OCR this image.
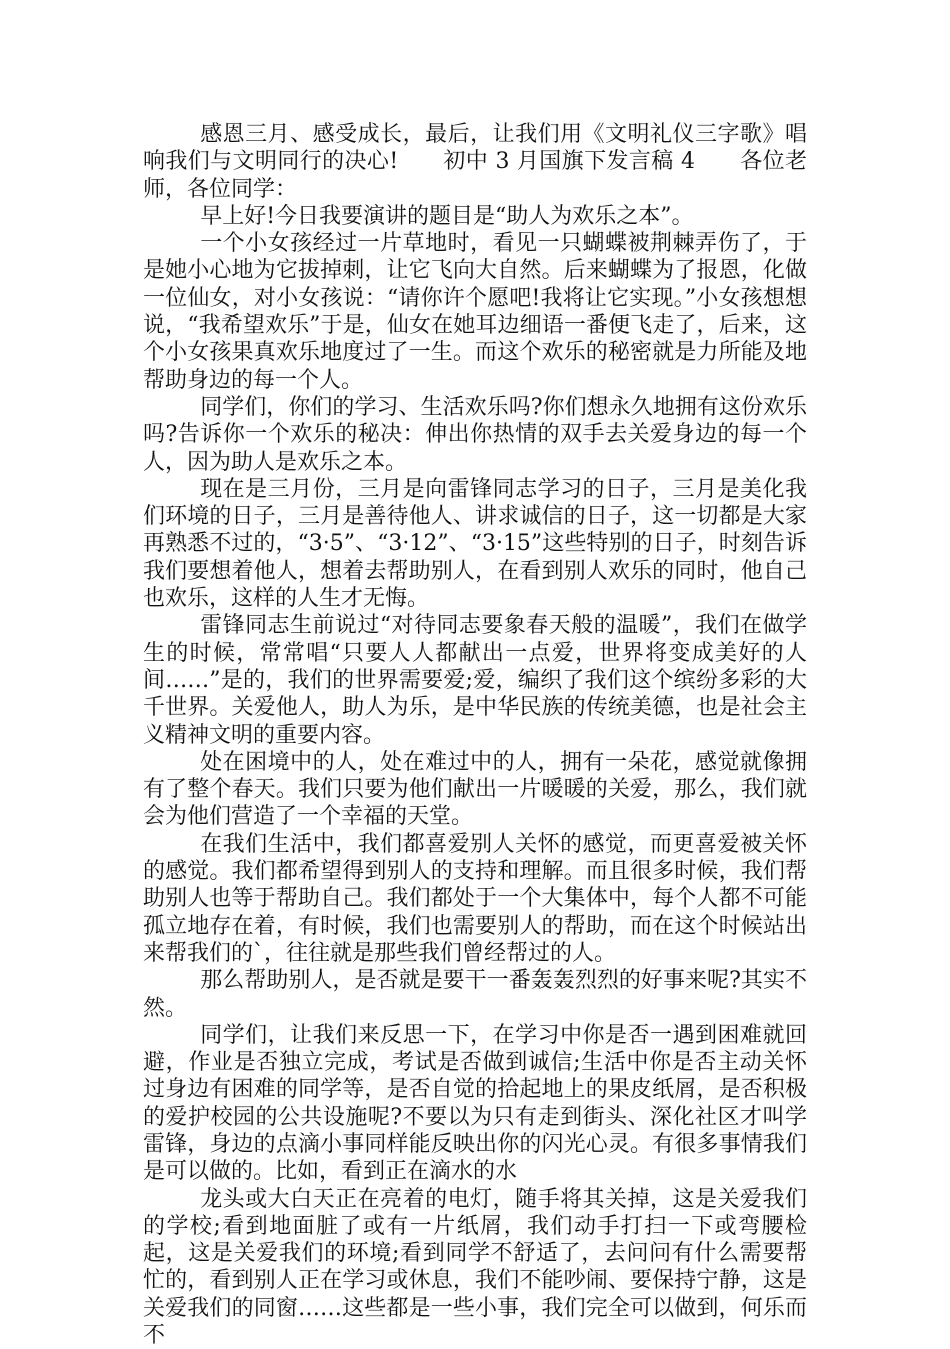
感恩三月、感受成长，最后，让我们用《文明礼仪三字歌》唱响我们与文明同行的决心!　　初中 3 月国旗下发言稿 4　　各位老师，各位同学：

早上好!今日我要演讲的题目是“助人为欢乐之本”。

一个小女孩经过一片草地时，看见一只蝴蝶被荆棘弄伤了，于是她小心地为它拔掉刺，让它飞向大自然。后来蝴蝶为了报恩，化做一位仙女，对小女孩说：“请你许个愿吧!我将让它实现。”小女孩想想说，“我希望欢乐”于是，仙女在她耳边细语一番便飞走了，后来，这个小女孩果真欢乐地度过了一生。而这个欢乐的秘密就是力所能及地帮助身边的每一个人。

同学们，你们的学习、生活欢乐吗?你们想永久地拥有这份欢乐吗?告诉你一个欢乐的秘决：伸出你热情的双手去关爱身边的每一个人，因为助人是欢乐之本。

现在是三月份，三月是向雷锋同志学习的日子，三月是美化我们环境的日子，三月是善待他人、讲求诚信的日子，这一切都是大家再熟悉不过的，“3·5”、“3·12”、“3·15”这些特别的日子，时刻告诉我们要想着他人，想着去帮助别人，在看到别人欢乐的同时，他自己也欢乐，这样的人生才无悔。

雷锋同志生前说过“对待同志要象春天般的温暖”，我们在做学生的时候，常常唱“只要人人都献出一点爱，世界将变成美好的人间……”是的，我们的世界需要爱;爱，编织了我们这个缤纷多彩的大千世界。关爱他人，助人为乐，是中华民族的传统美德，也是社会主义精神文明的重要内容。

处在困境中的人，处在难过中的人，拥有一朵花，感觉就像拥有了整个春天。我们只要为他们献出一片暖暖的关爱，那么，我们就会为他们营造了一个幸福的天堂。

在我们生活中，我们都喜爱别人关怀的感觉，而更喜爱被关怀的感觉。我们都希望得到别人的支持和理解。而且很多时候，我们帮助别人也等于帮助自己。我们都处于一个大集体中，每个人都不可能孤立地存在着，有时候，我们也需要别人的帮助，而在这个时候站出来帮我们的`，往往就是那些我们曾经帮过的人。

那么帮助别人，是否就是要干一番轰轰烈烈的好事来呢?其实不然。

同学们，让我们来反思一下，在学习中你是否一遇到困难就回避，作业是否独立完成，考试是否做到诚信;生活中你是否主动关怀过身边有困难的同学等，是否自觉的拾起地上的果皮纸屑，是否积极的爱护校园的公共设施呢?不要以为只有走到街头、深化社区才叫学雷锋，身边的点滴小事同样能反映出你的闪光心灵。有很多事情我们是可以做的。比如，看到正在滴水的水

龙头或大白天正在亮着的电灯，随手将其关掉，这是关爱我们的学校;看到地面脏了或有一片纸屑，我们动手打扫一下或弯腰检起，这是关爱我们的环境;看到同学不舒适了，去问问有什么需要帮忙的，看到别人正在学习或休息，我们不能吵闹、要保持宁静，这是关爱我们的同窗……这些都是一些小事，我们完全可以做到，何乐而不
